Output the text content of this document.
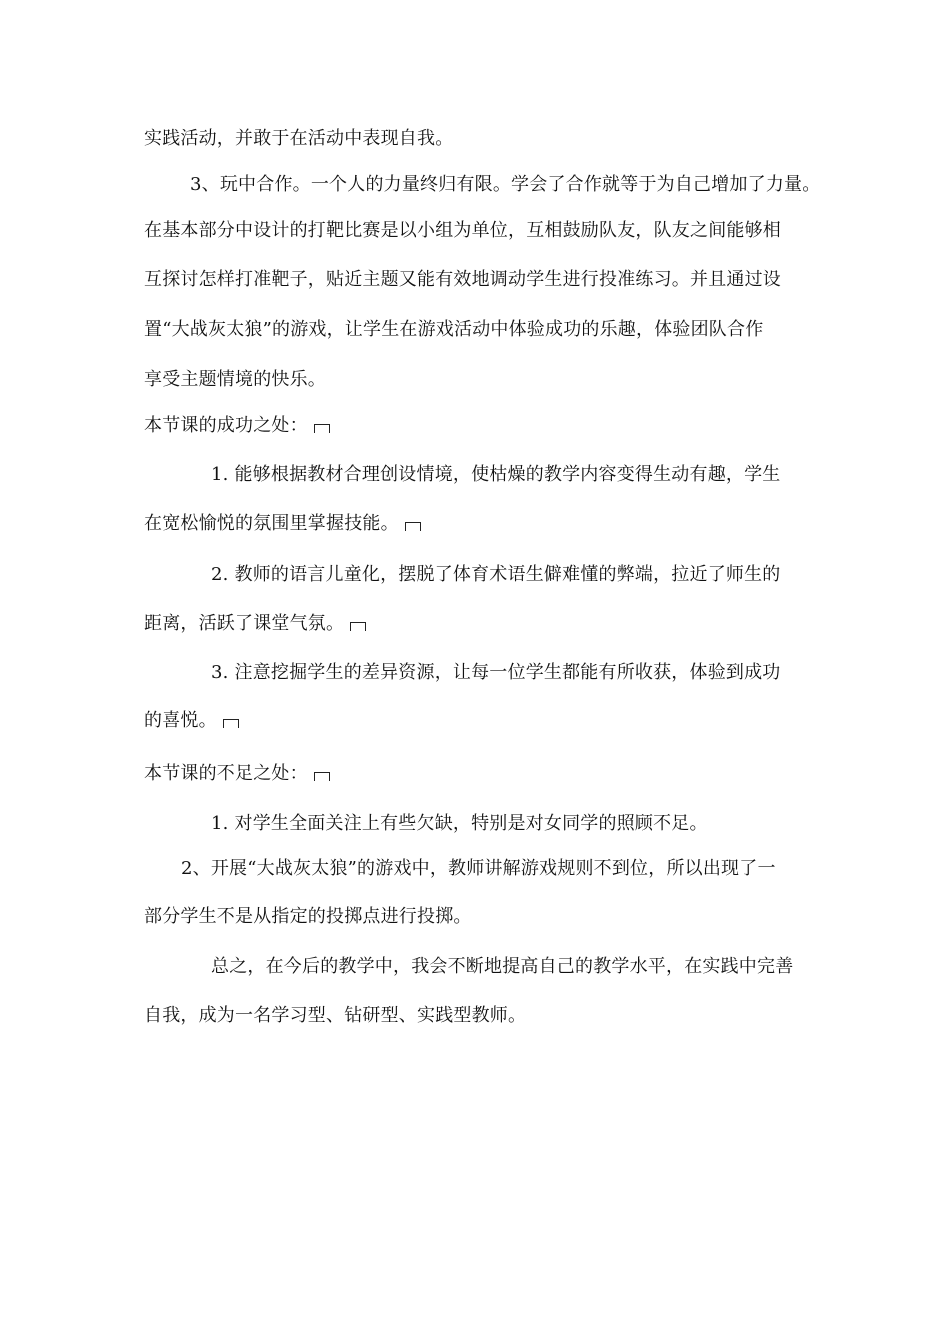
实践活动，并敢于在活动中表现自我。
3、玩中合作。一个人的力量终归有限。学会了合作就等于为自己增加了力量。
在基本部分中设计的打靶比赛是以小组为单位，互相鼓励队友，队友之间能够相
互探讨怎样打准靶子，贴近主题又能有效地调动学生进行投准练习。并且通过设
置“大战灰太狼”的游戏，让学生在游戏活动中体验成功的乐趣，体验团队合作
享受主题情境的快乐。
本节课的成功之处：
1. 能够根据教材合理创设情境，使枯燥的教学内容变得生动有趣，学生
在宽松愉悦的氛围里掌握技能。
2. 教师的语言儿童化，摆脱了体育术语生僻难懂的弊端，拉近了师生的
距离，活跃了课堂气氛。
3. 注意挖掘学生的差异资源，让每一位学生都能有所收获，体验到成功
的喜悦。
本节课的不足之处：
1. 对学生全面关注上有些欠缺，特别是对女同学的照顾不足。
2、开展“大战灰太狼”的游戏中，教师讲解游戏规则不到位，所以出现了一
部分学生不是从指定的投掷点进行投掷。
总之，在今后的教学中，我会不断地提高自己的教学水平，在实践中完善
自我，成为一名学习型、钻研型、实践型教师。
